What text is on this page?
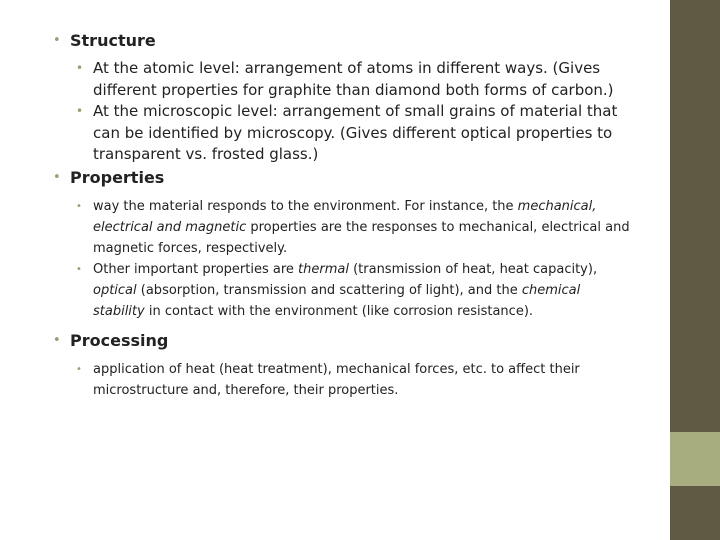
• Structure
• At the atomic level: arrangement of atoms in different ways. (Gives different properties for graphite than diamond both forms of carbon.)
• At the microscopic level: arrangement of small grains of material that can be identified by microscopy. (Gives different optical properties to transparent vs. frosted glass.)
• Properties
• way the material responds to the environment. For instance, the mechanical, electrical and magnetic properties are the responses to mechanical, electrical and magnetic forces, respectively.
• Other important properties are thermal (transmission of heat, heat capacity), optical (absorption, transmission and scattering of light), and the chemical stability in contact with the environment (like corrosion resistance).
• Processing
• application of heat (heat treatment), mechanical forces, etc. to affect their microstructure and, therefore, their properties.
